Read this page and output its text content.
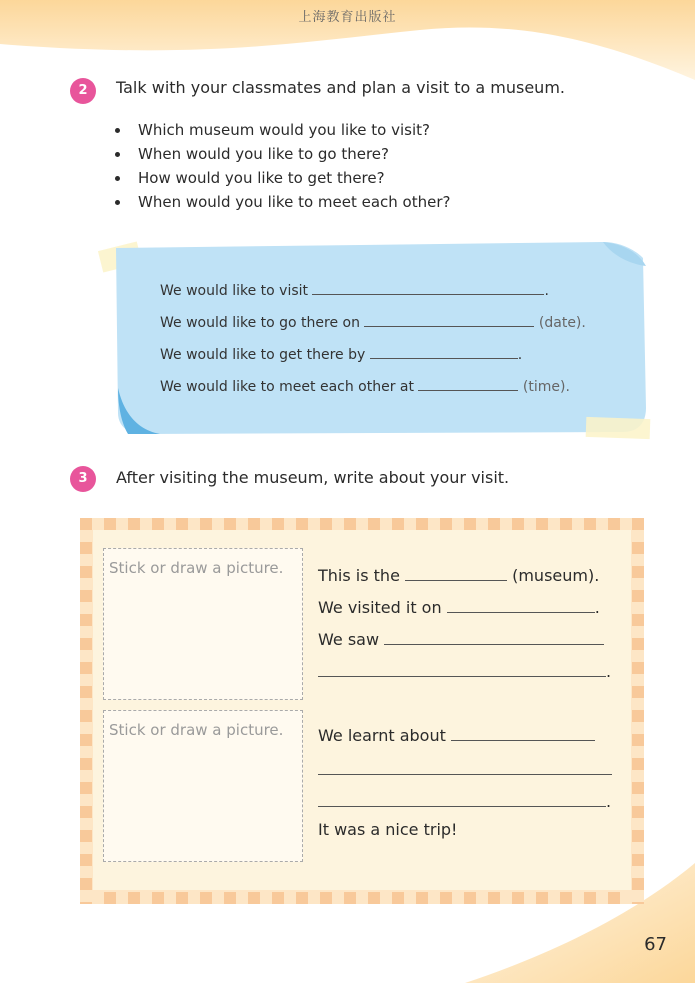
上海教育出版社
2	Talk with your classmates and plan a visit to a museum.
Which museum would you like to visit?
When would you like to go there?
How would you like to get there?
When would you like to meet each other?
We would like to visit	.
We would like to go there on	(date).
We would like to get there by	.
We would like to meet each other at	(time).
3	After visiting the museum, write about your visit.
Stick or draw a picture.
Stick or draw a picture.
This is the	(museum).
We visited it on	.
We saw
.
We learnt about
.
It was a nice trip!
67
